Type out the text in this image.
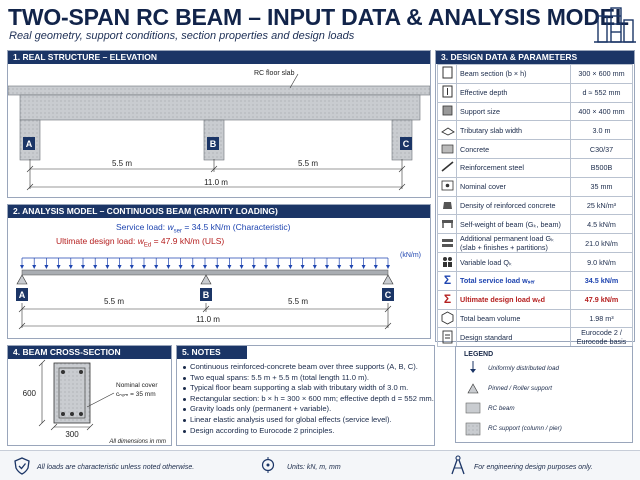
TWO-SPAN RC BEAM – INPUT DATA & ANALYSIS MODEL
Real geometry, support conditions, section properties and design loads
1. REAL STRUCTURE – ELEVATION
RC floor slab
A	B	C
5.5 m	5.5 m
11.0 m
2. ANALYSIS MODEL – CONTINUOUS BEAM (GRAVITY LOADING)
Service load: $w_{ser} = 34.5$ kN/m (Characteristic)
Ultimate design load: $w_{Ed} = 47.9$ kN/m (ULS)
(kN/m)
A	B	C
5.5 m	5.5 m
11.0 m
3. DESIGN DATA & PARAMETERS
	Beam section (b × h)	300 × 600 mm
	Effective depth	d ≈ 552 mm
	Support size	400 × 400 mm
	Tributary slab width	3.0 m
	Concrete	C30/37
	Reinforcement steel	B500B
	Nominal cover	35 mm
	Density of reinforced concrete	25 kN/m³
	Self-weight of beam (Gₖ, beam)	4.5 kN/m
	Additional permanent load Gₖ (slab + finishes + partitions)	21.0 kN/m
	Variable load Qₖ	9.0 kN/m

Σ	Total service load wₛₑᵣ	34.5 kN/m

Σ	Ultimate design load wₑd	47.9 kN/m
	Total beam volume	1.98 m³
	Design standard	Eurocode 2 / Eurocode basis
4. BEAM CROSS-SECTION
600
300
Nominal cover
cₙₒₘ = 35 mm
All dimensions in mm
5. NOTES
Continuous reinforced-concrete beam over three supports (A, B, C).
Two equal spans: 5.5 m + 5.5 m (total length 11.0 m).
Typical floor beam supporting a slab with tributary width of 3.0 m.
Rectangular section: b × h = 300 × 600 mm; effective depth d = 552 mm.
Gravity loads only (permanent + variable).
Linear elastic analysis used for global effects (service level).
Design according to Eurocode 2 principles.
LEGEND
Uniformly distributed load
Pinned / Roller support
RC beam
RC support (column / pier)
All loads are characteristic unless noted otherwise.	Units: kN, m, mm	For engineering design purposes only.
